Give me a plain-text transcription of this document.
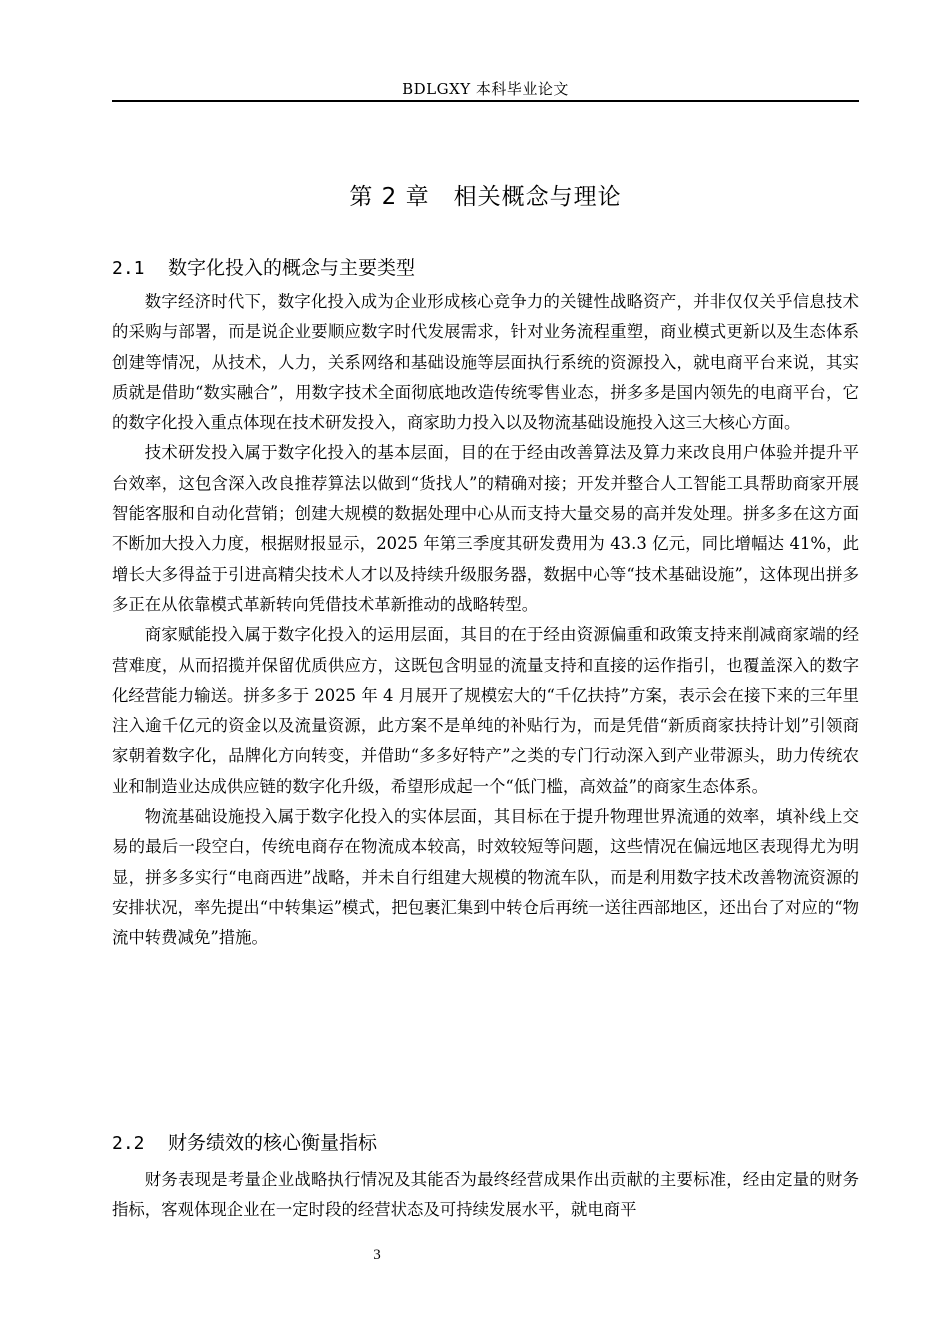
BDLGXY 本科毕业论文
第 2 章　相关概念与理论
2.1 数字化投入的概念与主要类型

数字经济时代下，数字化投入成为企业形成核心竞争力的关键性战略资产，并非仅仅关乎信息技术的采购与部署，而是说企业要顺应数字时代发展需求，针对业务流程重塑，商业模式更新以及生态体系创建等情况，从技术，人力，关系网络和基础设施等层面执行系统的资源投入，就电商平台来说，其实质就是借助“数实融合”，用数字技术全面彻底地改造传统零售业态，拼多多是国内领先的电商平台，它的数字化投入重点体现在技术研发投入，商家助力投入以及物流基础设施投入这三大核心方面。

技术研发投入属于数字化投入的基本层面，目的在于经由改善算法及算力来改良用户体验并提升平台效率，这包含深入改良推荐算法以做到“货找人”的精确对接；开发并整合人工智能工具帮助商家开展智能客服和自动化营销；创建大规模的数据处理中心从而支持大量交易的高并发处理。拼多多在这方面不断加大投入力度，根据财报显示，2025 年第三季度其研发费用为 43.3 亿元，同比增幅达 41%，此增长大多得益于引进高精尖技术人才以及持续升级服务器，数据中心等“技术基础设施”，这体现出拼多多正在从依靠模式革新转向凭借技术革新推动的战略转型。

商家赋能投入属于数字化投入的运用层面，其目的在于经由资源偏重和政策支持来削减商家端的经营难度，从而招揽并保留优质供应方，这既包含明显的流量支持和直接的运作指引，也覆盖深入的数字化经营能力输送。拼多多于 2025 年 4 月展开了规模宏大的“千亿扶持”方案，表示会在接下来的三年里注入逾千亿元的资金以及流量资源，此方案不是单纯的补贴行为，而是凭借“新质商家扶持计划”引领商家朝着数字化，品牌化方向转变，并借助“多多好特产”之类的专门行动深入到产业带源头，助力传统农业和制造业达成供应链的数字化升级，希望形成起一个“低门槛，高效益”的商家生态体系。

物流基础设施投入属于数字化投入的实体层面，其目标在于提升物理世界流通的效率，填补线上交易的最后一段空白，传统电商存在物流成本较高，时效较短等问题，这些情况在偏远地区表现得尤为明显，拼多多实行“电商西进”战略，并未自行组建大规模的物流车队，而是利用数字技术改善物流资源的安排状况，率先提出“中转集运”模式，把包裹汇集到中转仓后再统一送往西部地区，还出台了对应的“物流中转费减免”措施。

2.2 财务绩效的核心衡量指标

财务表现是考量企业战略执行情况及其能否为最终经营成果作出贡献的主要标准，经由定量的财务指标，客观体现企业在一定时段的经营状态及可持续发展水平，就电商平

3
